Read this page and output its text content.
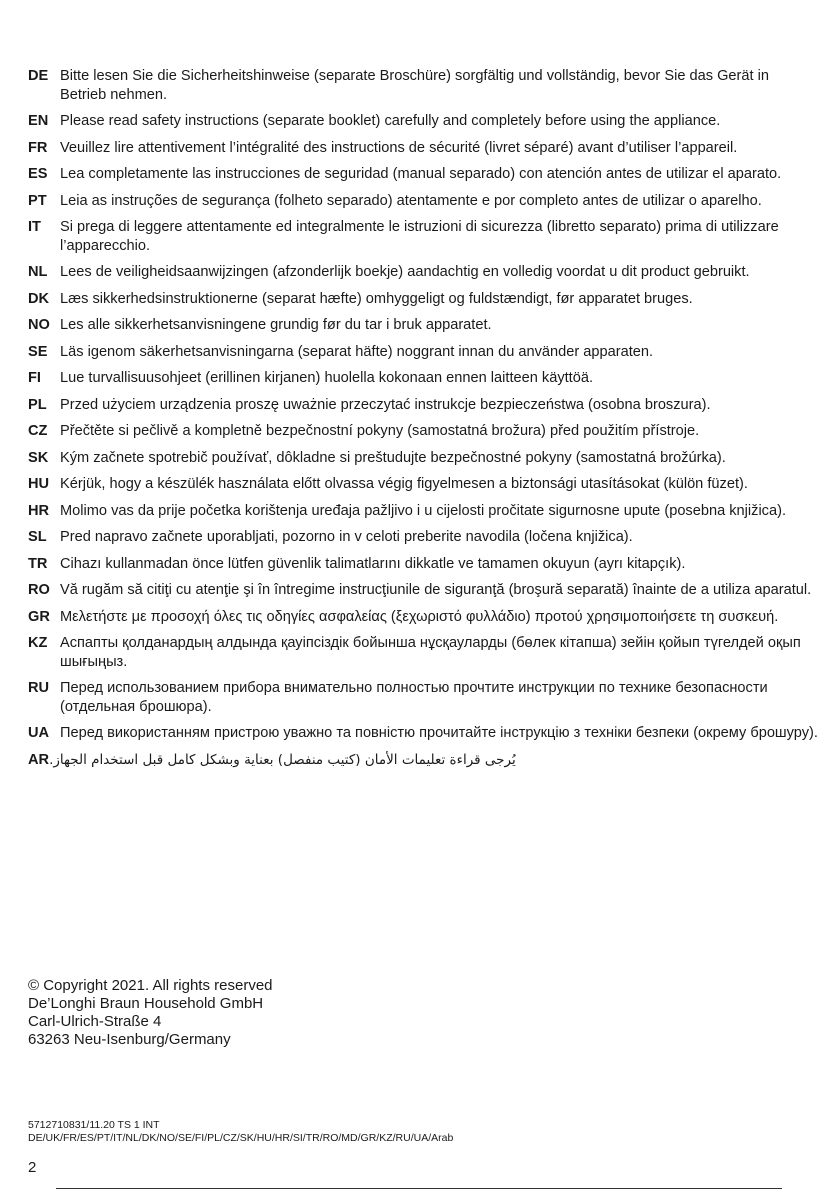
DE Bitte lesen Sie die Sicherheitshinweise (separate Broschüre) sorgfältig und vollständig, bevor Sie das Gerät in Betrieb nehmen.
EN Please read safety instructions (separate booklet) carefully and completely before using the appliance.
FR Veuillez lire attentivement l’intégralité des instructions de sécurité (livret séparé) avant d’utiliser l’appareil.
ES Lea completamente las instrucciones de seguridad (manual separado) con atención antes de utilizar el aparato.
PT Leia as instruções de segurança (folheto separado) atentamente e por completo antes de utilizar o aparelho.
IT	Si prega di leggere attentamente ed integralmente le istruzioni di sicurezza (libretto separato) prima di utilizzare l’apparecchio.
NL Lees de veiligheidsaanwijzingen (afzonderlijk boekje) aandachtig en volledig voordat u dit product gebruikt.
DK Læs sikkerhedsinstruktionerne (separat hæfte) omhyggeligt og fuldstændigt, før apparatet bruges.
NO Les alle sikkerhetsanvisningene grundig før du tar i bruk apparatet.
SE Läs igenom säkerhetsanvisningarna (separat häfte) noggrant innan du använder apparaten.
FI	Lue turvallisuusohjeet (erillinen kirjanen) huolella kokonaan ennen laitteen käyttöä.
PL Przed użyciem urządzenia proszę uważnie przeczytać instrukcje bezpieczeństwa (osobna broszura).
CZ Přečtěte si pečlivě a kompletně bezpečnostní pokyny (samostatná brožura) před použitím přístroje.
SK Kým začnete spotrebič používať, dôkladne si preštudujte bezpečnostné pokyny (samostatná brožúrka).
HU Kérjük, hogy a készülék használata előtt olvassa végig figyelmesen a biztonsági utasításokat (külön füzet).
HR Molimo vas da prije početka korištenja uređaja pažljivo i u cijelosti pročitate sigurnosne upute (posebna knjižica).
SL Pred napravo začnete uporabljati, pozorno in v celoti preberite navodila (ločena knjižica).
TR Cihazı kullanmadan önce lütfen güvenlik talimatlarını dikkatle ve tamamen okuyun (ayrı kitapçık).
RO Vă rugăm să citiţi cu atenţie şi în întregime instrucţiunile de siguranţă (broşură separată) înainte de a utiliza aparatul.
GR Μελετήστε με προσοχή όλες τις οδηγίες ασφαλείας (ξεχωριστό φυλλάδιο) προτού χρησιμοποιήσετε τη συσκευή.
KZ Аспапты қолданардың алдында қауіпсіздік бойынша нұсқауларды (бөлек кітапша) зейін қойып түгелдей оқып шығыңыз.
RU Перед использованием прибора внимательно полностью прочтите инструкции по технике безопасности (отдельная брошюра).
UA Перед використанням пристрою уважно та повністю прочитайте інструкцію з техніки безпеки (окрему брошуру).
AR يُرجى قراءة تعليمات الأمان (كتيب منفصل) بعناية وبشكل كامل قبل استخدام الجهاز.
© Copyright 2021. All rights reserved
De’Longhi Braun Household GmbH
Carl-Ulrich-Straße 4
63263 Neu-Isenburg/Germany
5712710831/11.20 TS 1 INT
DE/UK/FR/ES/PT/IT/NL/DK/NO/SE/FI/PL/CZ/SK/HU/HR/SI/TR/RO/MD/GR/KZ/RU/UA/Arab
2
